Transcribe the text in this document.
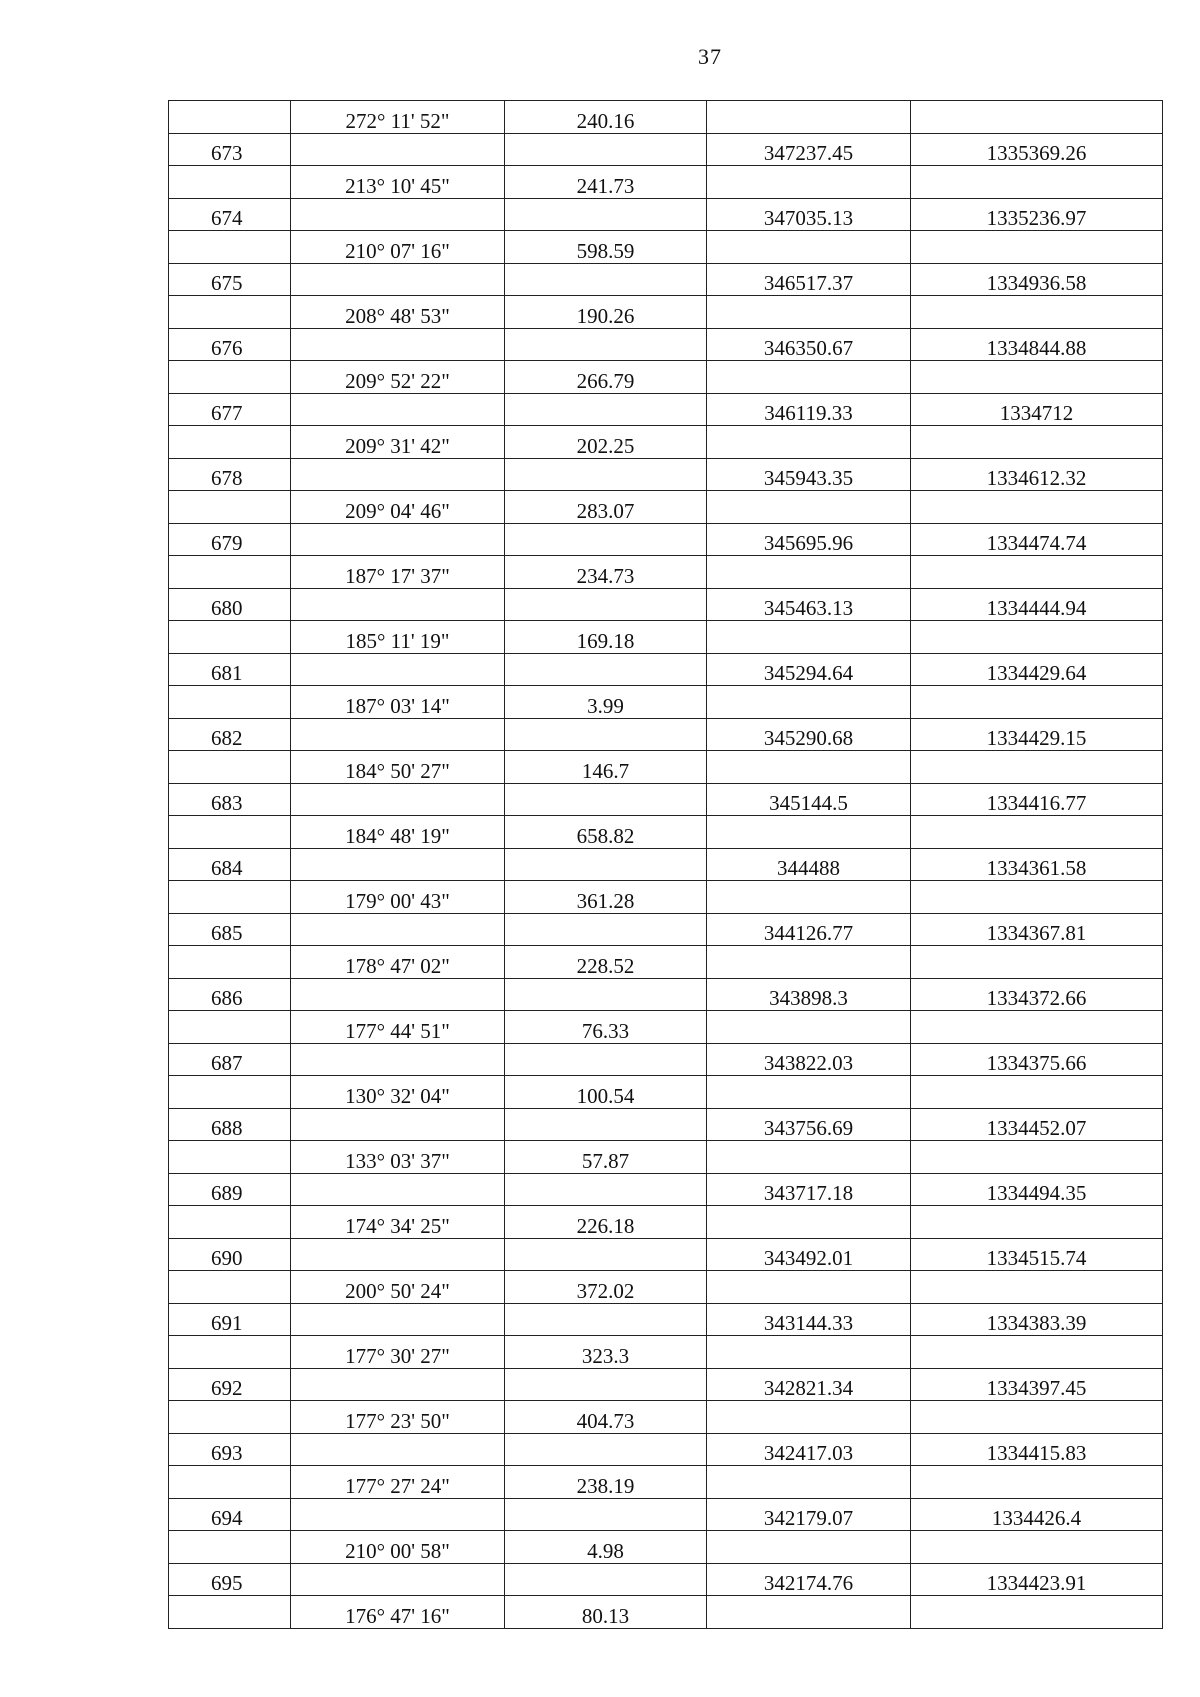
37
	272° 11' 52"	240.16		
673			347237.45	1335369.26
	213° 10' 45"	241.73		
674			347035.13	1335236.97
	210° 07' 16"	598.59		
675			346517.37	1334936.58
	208° 48' 53"	190.26		
676			346350.67	1334844.88
	209° 52' 22"	266.79		
677			346119.33	1334712
	209° 31' 42"	202.25		
678			345943.35	1334612.32
	209° 04' 46"	283.07		
679			345695.96	1334474.74
	187° 17' 37"	234.73		
680			345463.13	1334444.94
	185° 11' 19"	169.18		
681			345294.64	1334429.64
	187° 03' 14"	3.99		
682			345290.68	1334429.15
	184° 50' 27"	146.7		
683			345144.5	1334416.77
	184° 48' 19"	658.82		
684			344488	1334361.58
	179° 00' 43"	361.28		
685			344126.77	1334367.81
	178° 47' 02"	228.52		
686			343898.3	1334372.66
	177° 44' 51"	76.33		
687			343822.03	1334375.66
	130° 32' 04"	100.54		
688			343756.69	1334452.07
	133° 03' 37"	57.87		
689			343717.18	1334494.35
	174° 34' 25"	226.18		
690			343492.01	1334515.74
	200° 50' 24"	372.02		
691			343144.33	1334383.39
	177° 30' 27"	323.3		
692			342821.34	1334397.45
	177° 23' 50"	404.73		
693			342417.03	1334415.83
	177° 27' 24"	238.19		
694			342179.07	1334426.4
	210° 00' 58"	4.98		
695			342174.76	1334423.91
	176° 47' 16"	80.13		
